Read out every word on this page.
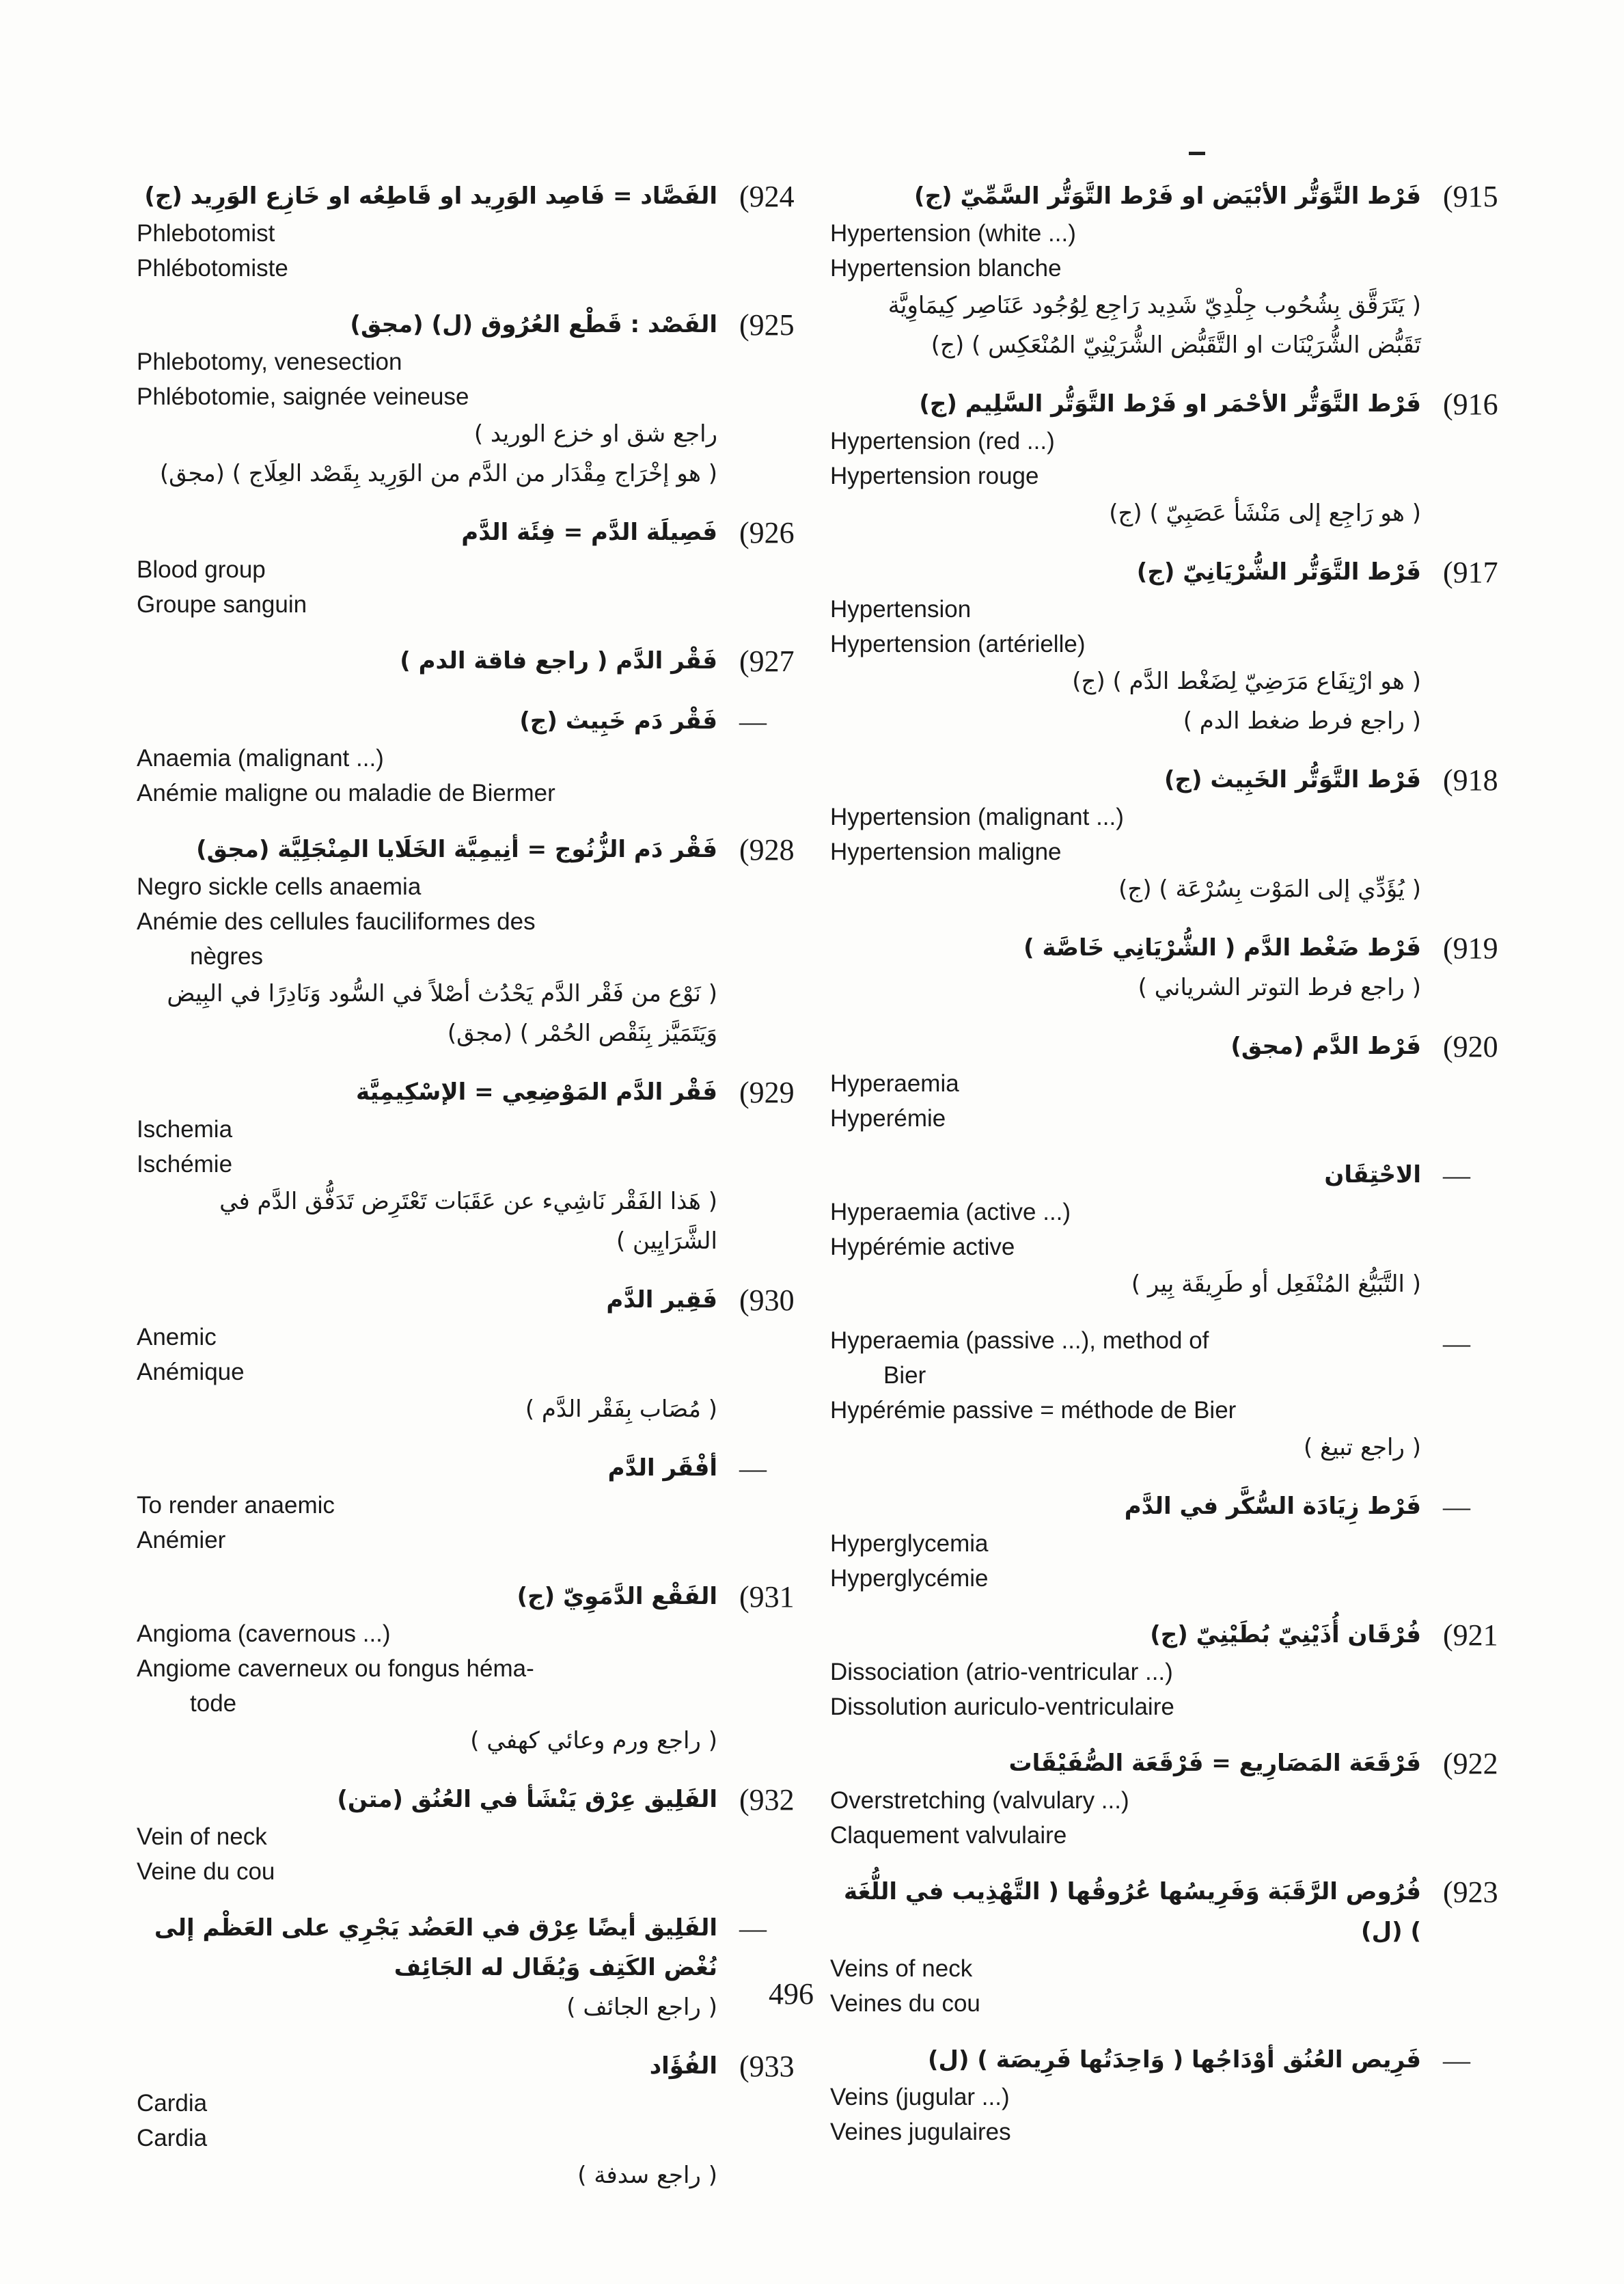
(924
الفَصَّاد = فَاصِد الوَرِيد او قَاطِعُه او خَازِع الوَرِيد (ج)
Phlebotomist
Phlébotomiste
(925
الفَصْد : قَطْع العُرُوق (ل) (مجق)
Phlebotomy, venesection
Phlébotomie, saignée veineuse
راجع شق او خزع الوريد )
( هو إخْرَاج مِقْدَار من الدَّم من الوَرِيد بِقَصْد العِلَاج ) (مجق)
(926
فَصِيلَة الدَّم = فِئَة الدَّم
Blood group
Groupe sanguin
(927
فَقْر الدَّم ( راجع فاقة الدم )
—
فَقْر دَم خَبِيث (ج)
Anaemia (malignant ...)
Anémie maligne ou maladie de Biermer
(928
فَقْر دَم الزُّنُوج = أنِيمِيَّة الخَلَايا المِنْجَلِيَّة (مجق)
Negro sickle cells anaemia
Anémie des cellules fauciliformes des
nègres
( نَوْع من فَقْر الدَّم يَحْدُث أصْلاً في السُّود وَنَادِرًا في البِيض وَيَتَمَيَّز بِنَقْص الحُمْر ) (مجق)
(929
فَقْر الدَّم المَوْضِعِي = الإسْكِيمِيَّة
Ischemia
Ischémie
( هَذا الفَقْر نَاشِيء عن عَقَبَات تَعْتَرِض تَدَفُّق الدَّم في الشَّرَايِين )
(930
فَقِير الدَّم
Anemic
Anémique
( مُصَاب بِفَقْر الدَّم )
—
أفْقَر الدَّم
To render anaemic
Anémier
(931
الفَقْع الدَّمَوِيّ (ج)
Angioma (cavernous ...)
Angiome caverneux ou fongus héma-
tode
( راجع ورم وعائي كهفي )
(932
الفَلِيق عِرْق يَنْشَأ في العُنُق (متن)
Vein of neck
Veine du cou
—
الفَلِيق أيضًا عِرْق في العَضُد يَجْرِي على العَظْم إلى نُغْض الكَتِف وَيُقَال له الجَائِف
( راجع الجائف )
(933
الفُؤَاد
Cardia
Cardia
( راجع سدفة )
(915
فَرْط التَّوَتُّر الأبْيَض او فَرْط التَّوَتُّر السَّمِّيّ (ج)
Hypertension (white ...)
Hypertension blanche
( يَتَرَقَّق بِشُحُوب جِلْدِيّ شَدِيد رَاجِع لِوُجُود عَنَاصِر كِيمَاوِيَّة تَقَبُّض الشُّرَيْنَات او التَّقَبُّض الشُّرَيْنِيّ المُنْعَكِس ) (ج)
(916
فَرْط التَّوَتُّر الأحْمَر او فَرْط التَّوَتُّر السَّلِيم (ج)
Hypertension (red ...)
Hypertension rouge
( هو رَاجِع إلى مَنْشَأ عَصَبِيّ ) (ج)
(917
فَرْط التَّوَتُّر الشُّرْيَانِيّ (ج)
Hypertension
Hypertension (artérielle)
( هو ارْتِفَاع مَرَضِيّ لِضَغْط الدَّم ) (ج)
( راجع فرط ضغط الدم )
(918
فَرْط التَّوَتُّر الخَبِيث (ج)
Hypertension (malignant ...)
Hypertension maligne
( يُؤَدِّي إلى المَوْت بِسُرْعَة ) (ج)
(919
فَرْط ضَغْط الدَّم ( الشُّرْيَانِي خَاصَّة )
( راجع فرط التوتر الشرياني )
(920
فَرْط الدَّم (مجق)
Hyperaemia
Hyperémie
—
الاحْتِقَان
Hyperaemia (active ...)
Hypérémie active
( التَّبَيُّغ المُنْفَعِل أو طَرِيقَة بِير )
—
Hyperaemia (passive ...), method of
Bier
Hypérémie passive = méthode de Bier
( راجع تبيغ )
—
فَرْط زِيَادَة السُّكَّر في الدَّم
Hyperglycemia
Hyperglycémie
(921
فُرْقَان أُذَيْنِيّ بُطَيْنِيّ (ج)
Dissociation (atrio-ventricular ...)
Dissolution auriculo-ventriculaire
(922
فَرْقَعَة المَصَارِيع = فَرْقَعَة الصُّفَيْقَات
Overstretching (valvulary ...)
Claquement valvulaire
(923
فُرُوص الرَّقَبَة وَفَرِيسُها عُرُوقُها ( التَّهْذِيب في اللُّغَة ) (ل)
Veins of neck
Veines du cou
—
فَرِيص العُنُق أوْدَاجُها ( وَاحِدَتُها فَرِيصَة ) (ل)
Veins (jugular ...)
Veines jugulaires
496
